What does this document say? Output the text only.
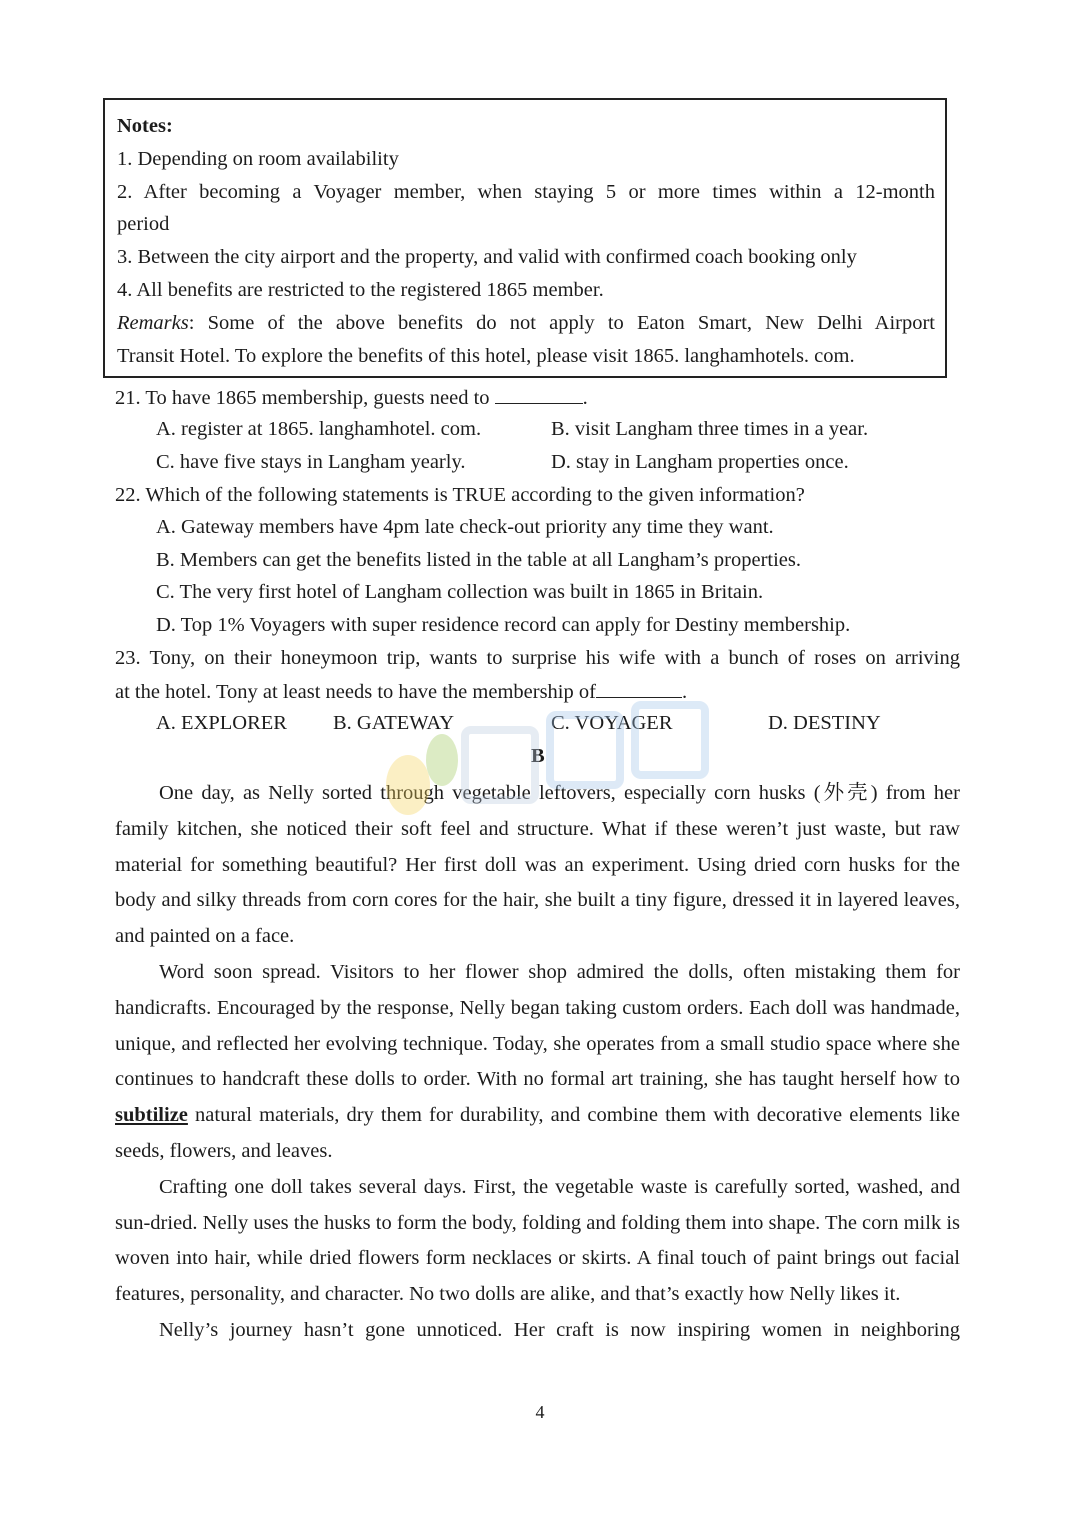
Notes:

1. Depending on room availability

2. After becoming a Voyager member, when staying 5 or more times within a 12-month

period

3. Between the city airport and the property, and valid with confirmed coach booking only

4. All benefits are restricted to the registered 1865 member.

Remarks: Some of the above benefits do not apply to Eaton Smart, New Delhi Airport

Transit Hotel. To explore the benefits of this hotel, please visit 1865. langhamhotels. com.

21. To have 1865 membership, guests need to	.
A. register at 1865. langhamhotel. com.	B. visit Langham three times in a year.
C. have five stays in Langham yearly.	D. stay in Langham properties once.
22. Which of the following statements is TRUE according to the given information?
A. Gateway members have 4pm late check-out priority any time they want.
B. Members can get the benefits listed in the table at all Langham’s properties.
C. The very first hotel of Langham collection was built in 1865 in Britain.
D. Top 1% Voyagers with super residence record can apply for Destiny membership.
23. Tony, on their honeymoon trip, wants to surprise his wife with a bunch of roses on arriving
at the hotel. Tony at least needs to have the membership of	.
A. EXPLORER B. GATEWAY	C. VOYAGER	D. DESTINY
B

One day, as Nelly sorted through vegetable leftovers, especially corn husks (外壳) from her family kitchen, she noticed their soft feel and structure. What if these weren’t just waste, but raw material for something beautiful? Her first doll was an experiment. Using dried corn husks for the body and silky threads from corn cores for the hair, she built a tiny figure, dressed it in layered leaves, and painted on a face.

Word soon spread. Visitors to her flower shop admired the dolls, often mistaking them for handicrafts. Encouraged by the response, Nelly began taking custom orders. Each doll was handmade, unique, and reflected her evolving technique. Today, she operates from a small studio space where she continues to handcraft these dolls to order. With no formal art training, she has taught herself how to subtilize natural materials, dry them for durability, and combine them with decorative elements like seeds, flowers, and leaves.

Crafting one doll takes several days. First, the vegetable waste is carefully sorted, washed, and sun-dried. Nelly uses the husks to form the body, folding and folding them into shape. The corn milk is woven into hair, while dried flowers form necklaces or skirts. A final touch of paint brings out facial features, personality, and character. No two dolls are alike, and that’s exactly how Nelly likes it.

Nelly’s journey hasn’t gone unnoticed. Her craft is now inspiring women in neighboring

4
